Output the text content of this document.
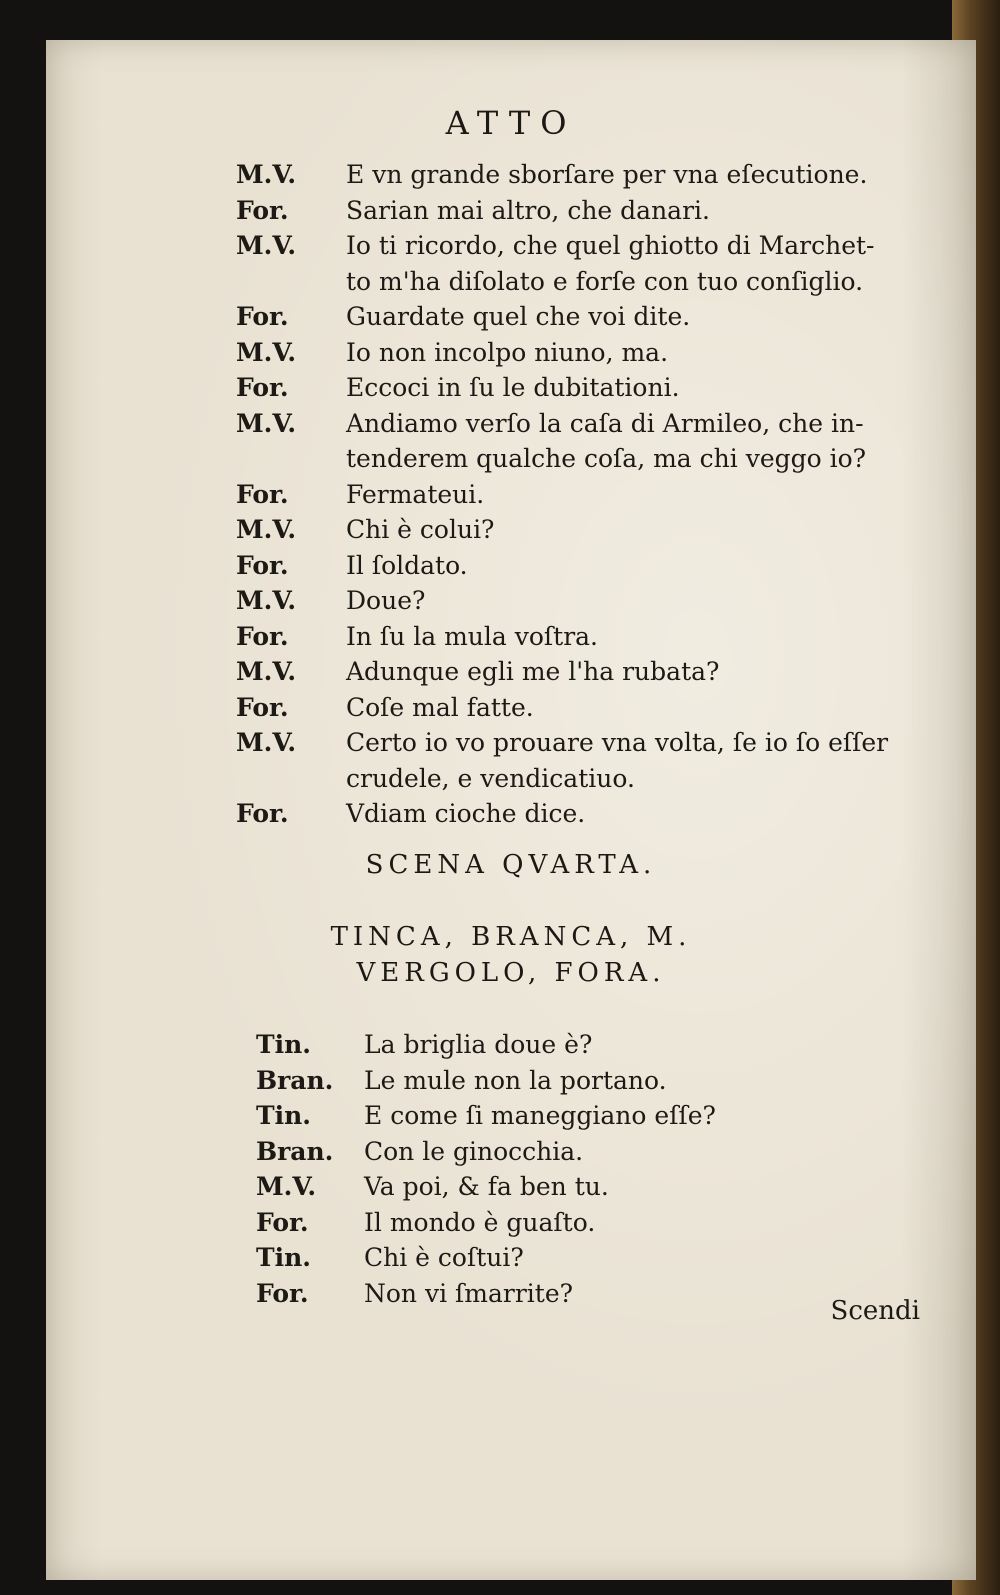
ATTO
M.V. E vn grande sborſare per vna eſecutione.
For. Sarian mai altro, che danari.
M.V. Io ti ricordo, che quel ghiotto di Marchet-
to m'ha diſolato e forſe con tuo conſiglio.
For. Guardate quel che voi dite.
M.V. Io non incolpo niuno, ma.
For. Eccoci in ſu le dubitationi.
M.V. Andiamo verſo la caſa di Armileo, che in-
tenderem qualche coſa, ma chi veggo io?
For. Fermateui.
M.V. Chi è colui?
For. Il ſoldato.
M.V. Doue?
For. In ſu la mula voſtra.
M.V. Adunque egli me l'ha rubata?
For. Coſe mal fatte.
M.V. Certo io vo prouare vna volta, ſe io ſo eſſer
crudele, e vendicatiuo.
For. Vdiam cioche dice.
SCENA QVARTA.
TINCA, BRANCA, M.
VERGOLO, FORA.
Tin. La briglia doue è?
Bran. Le mule non la portano.
Tin. E come ſi maneggiano eſſe?
Bran. Con le ginocchia.
M.V. Va poi, & fa ben tu.
For. Il mondo è guaſto.
Tin. Chi è coſtui?
For. Non vi ſmarrite?
Scendi
